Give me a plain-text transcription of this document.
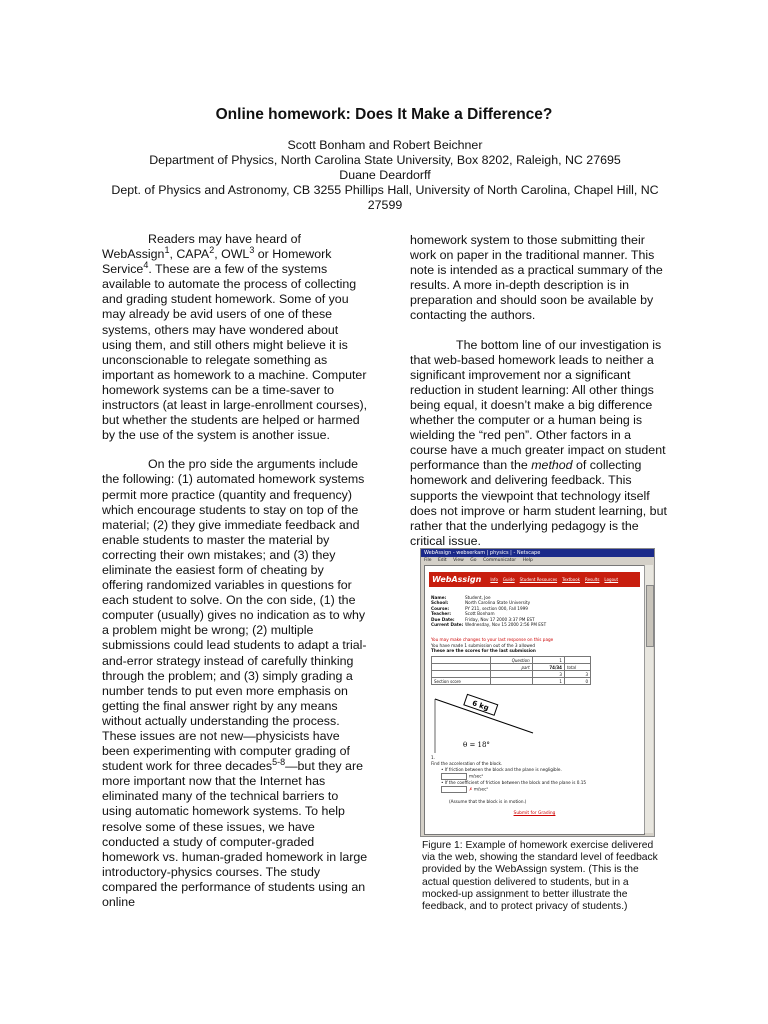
Online homework: Does It Make a Difference?
Scott Bonham and Robert Beichner
Department of Physics, North Carolina State University, Box 8202, Raleigh, NC 27695
Duane Deardorff
Dept. of Physics and Astronomy, CB 3255 Phillips Hall, University of North Carolina, Chapel Hill, NC 27599

Readers may have heard of WebAssign$^1$, CAPA$^2$, OWL$^3$ or Homework Service$^4$. These are a few of the systems available to automate the process of collecting and grading student homework. Some of you may already be avid users of one of these systems, others may have wondered about using them, and still others might believe it is unconscionable to relegate something as important as homework to a machine. Computer homework systems can be a time-saver to instructors (at least in large-enrollment courses), but whether the students are helped or harmed by the use of the system is another issue.

On the pro side the arguments include the following: (1) automated homework systems permit more practice (quantity and frequency) which encourage students to stay on top of the material; (2) they give immediate feedback and enable students to master the material by correcting their own mistakes; and (3) they eliminate the easiest form of cheating by offering randomized variables in questions for each student to solve. On the con side, (1) the computer (usually) gives no indication as to why a problem might be wrong; (2) multiple submissions could lead students to adapt a trial-and-error strategy instead of carefully thinking through the problem; and (3) simply grading a number tends to put even more emphasis on getting the final answer right by any means without actually understanding the process. These issues are not new—physicists have been experimenting with computer grading of student work for three decades$^{5-8}$—but they are more important now that the Internet has eliminated many of the technical barriers to using automatic homework systems. To help resolve some of these issues, we have conducted a study of computer-graded homework vs. human-graded homework in large introductory-physics courses. The study compared the performance of students using an online

homework system to those submitting their work on paper in the traditional manner. This note is intended as a practical summary of the results. A more in-depth description is in preparation and should soon be available by contacting the authors.

The bottom line of our investigation is that web-based homework leads to neither a significant improvement nor a significant reduction in student learning: All other things being equal, it doesn’t make a big difference whether the computer or a human being is wielding the “red pen”. Other factors in a course have a much greater impact on student performance than the method of collecting homework and delivering feedback. This supports the viewpoint that technology itself does not improve or harm student learning, but rather that the underlying pedagogy is the critical issue.

WebAssign - webserkam | physics | - Netscape
File Edit View Go Communicator Help
WebAssign Info Guide Student Resources Textbook Results Logout
Name:	Student, Joe
School:	North Carolina State University
Course:	PY 211, section 000, Fall 1999
Teacher:	Scott Bonham
Due Date:	Friday, Nov 17 2000 3:37 PM EST
Current Date: Wednesday, Nov 15 2000 2:56 PM EST
You may make changes to your last response on this page
You have made 1 submission out of the 3 allowed
These are the scores for the last submission
	Question	1	
	part	74/34	total
		3	3
Section score		1	0
6 kg
θ = 18°
1.
Find the acceleration of the block.
• If friction between the block and the plane is negligible.
m/sec²
• If the coefficient of friction between the block and the plane is 0.15
✗ m/sec²
(Assume that the block is in motion.)
Submit for Grading
Figure 1: Example of homework exercise delivered via the web, showing the standard level of feedback provided by the WebAssign system. (This is the actual question delivered to students, but in a mocked-up assignment to better illustrate the feedback, and to protect privacy of students.)
